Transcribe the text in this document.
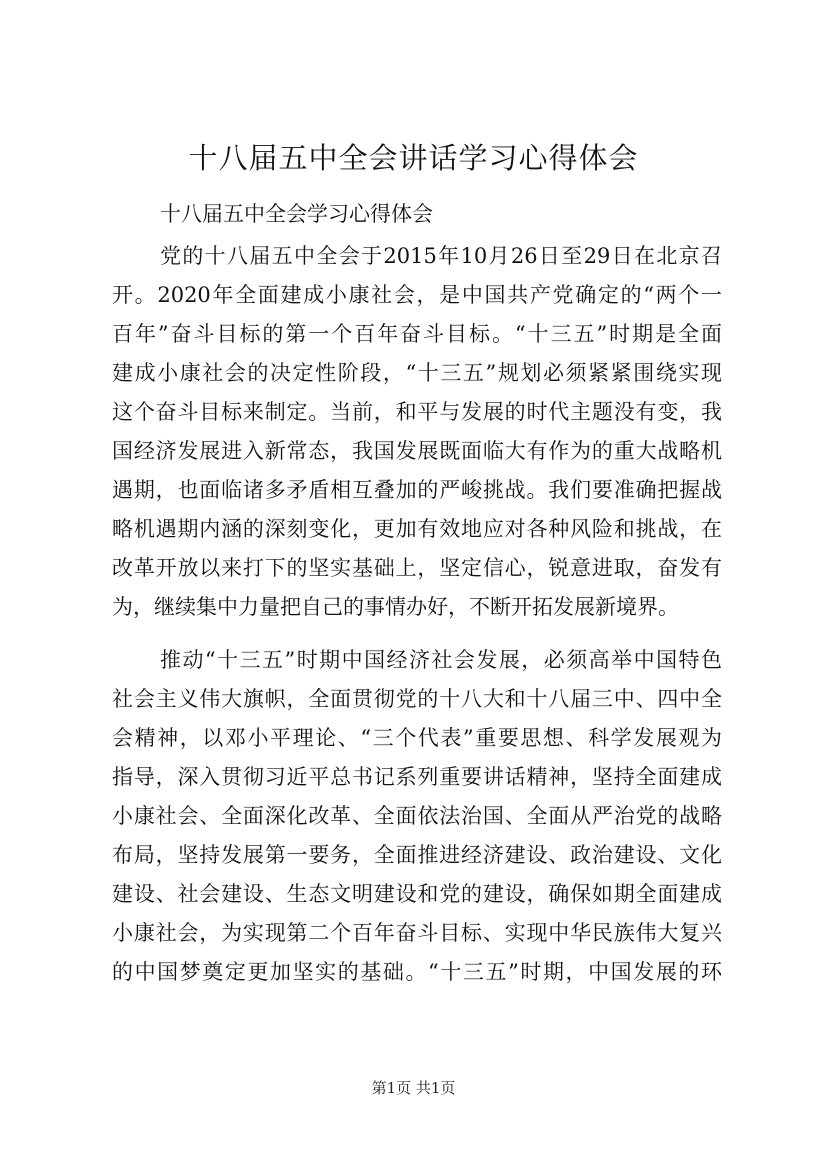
十八届五中全会讲话学习心得体会

十八届五中全会学习心得体会

党的十八届五中全会于2015年10月26日至29日在北京召
开。2020年全面建成小康社会，是中国共产党确定的“两个一
百年”奋斗目标的第一个百年奋斗目标。“十三五”时期是全面
建成小康社会的决定性阶段，“十三五”规划必须紧紧围绕实现
这个奋斗目标来制定。当前，和平与发展的时代主题没有变，我
国经济发展进入新常态，我国发展既面临大有作为的重大战略机
遇期，也面临诸多矛盾相互叠加的严峻挑战。我们要准确把握战
略机遇期内涵的深刻变化，更加有效地应对各种风险和挑战，在
改革开放以来打下的坚实基础上，坚定信心，锐意进取，奋发有
为，继续集中力量把自己的事情办好，不断开拓发展新境界。
推动“十三五”时期中国经济社会发展，必须高举中国特色
社会主义伟大旗帜，全面贯彻党的十八大和十八届三中、四中全
会精神，以邓小平理论、“三个代表”重要思想、科学发展观为
指导，深入贯彻习近平总书记系列重要讲话精神，坚持全面建成
小康社会、全面深化改革、全面依法治国、全面从严治党的战略
布局，坚持发展第一要务，全面推进经济建设、政治建设、文化
建设、社会建设、生态文明建设和党的建设，确保如期全面建成
小康社会，为实现第二个百年奋斗目标、实现中华民族伟大复兴
的中国梦奠定更加坚实的基础。“十三五”时期，中国发展的环
第1页 共1页
